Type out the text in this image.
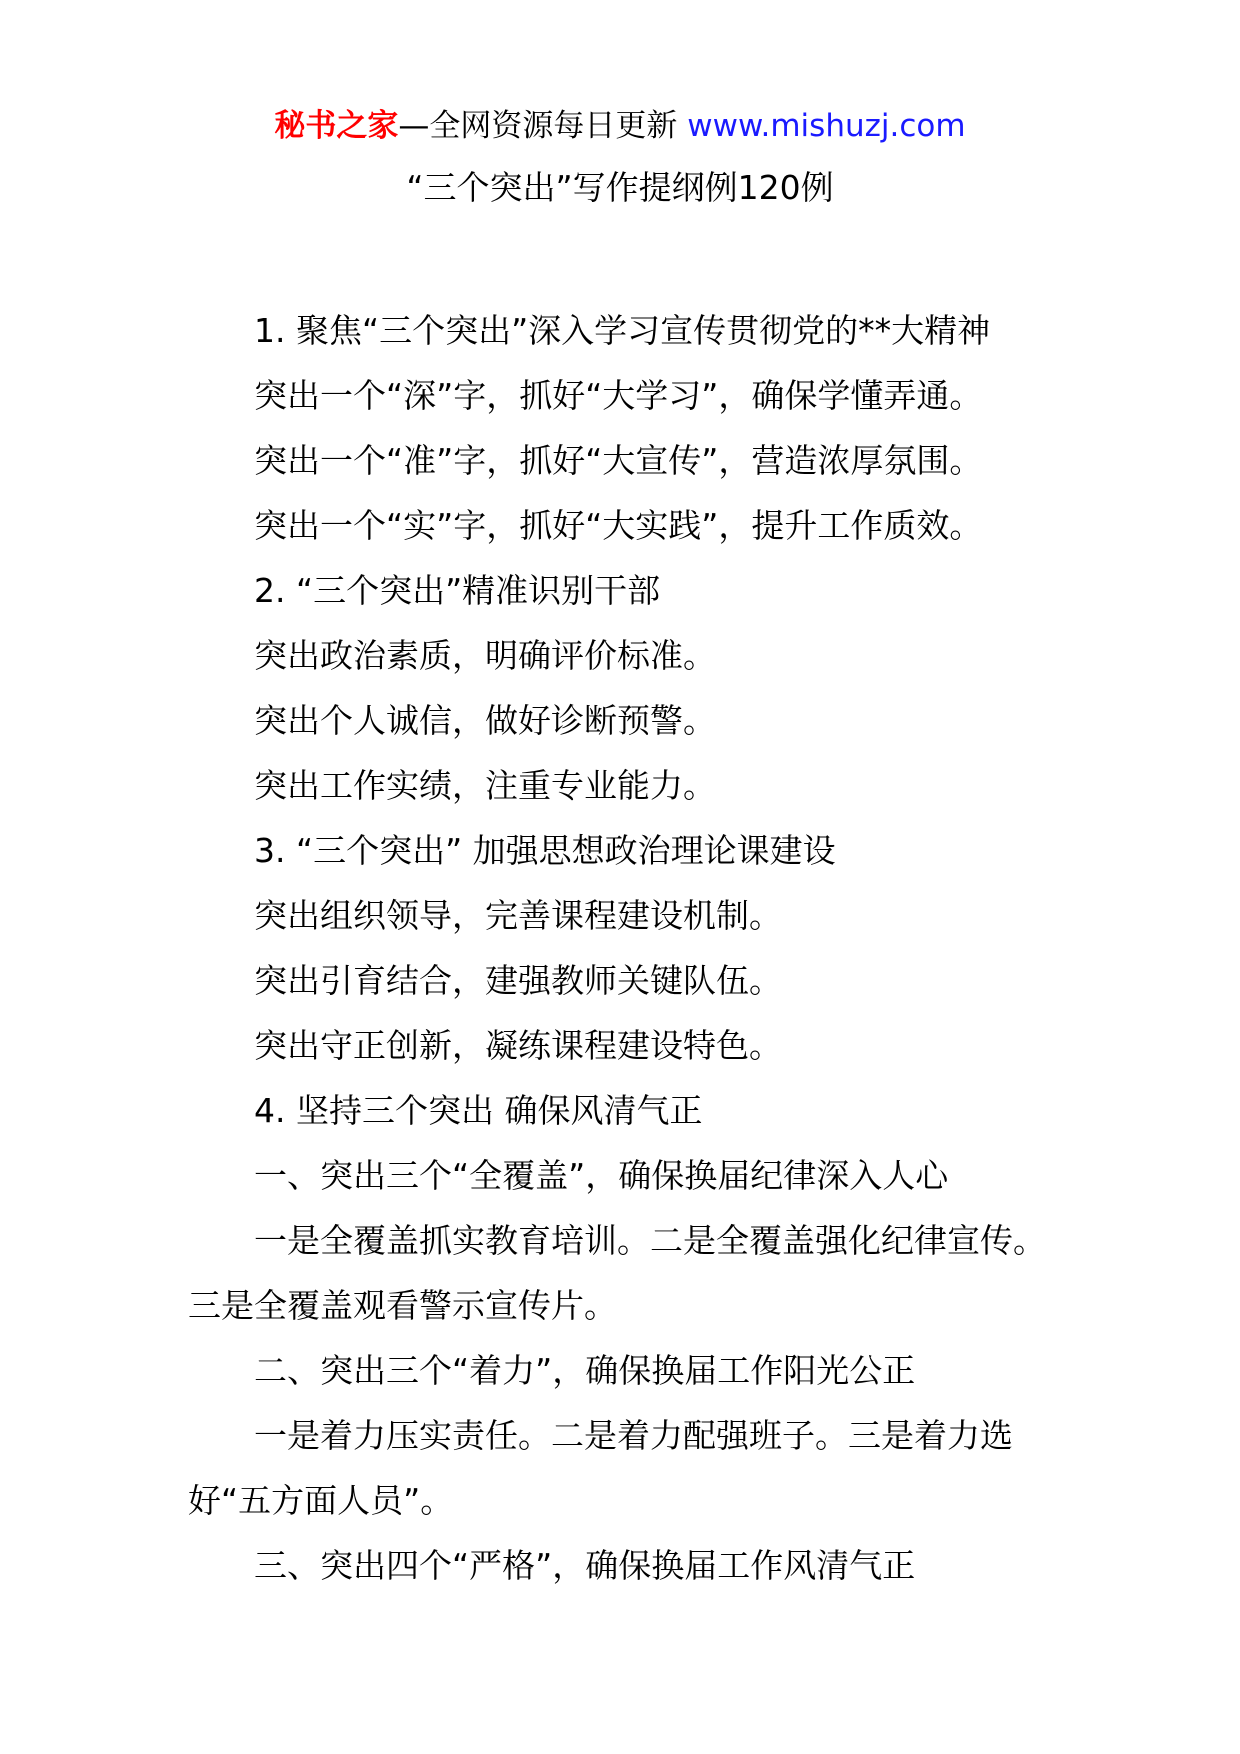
秘书之家—全网资源每日更新 www.mishuzj.com
“三个突出”写作提纲例120例

1. 聚焦“三个突出”深入学习宣传贯彻党的**大精神

突出一个“深”字，抓好“大学习”，确保学懂弄通。

突出一个“准”字，抓好“大宣传”，营造浓厚氛围。

突出一个“实”字，抓好“大实践”，提升工作质效。

2. “三个突出”精准识别干部

突出政治素质，明确评价标准。

突出个人诚信，做好诊断预警。

突出工作实绩，注重专业能力。

3. “三个突出” 加强思想政治理论课建设

突出组织领导，完善课程建设机制。

突出引育结合，建强教师关键队伍。

突出守正创新，凝练课程建设特色。

4. 坚持三个突出 确保风清气正

一、突出三个“全覆盖”，确保换届纪律深入人心

一是全覆盖抓实教育培训。二是全覆盖强化纪律宣传。三是全覆盖观看警示宣传片。

二、突出三个“着力”，确保换届工作阳光公正

一是着力压实责任。二是着力配强班子。三是着力选好“五方面人员”。

三、突出四个“严格”，确保换届工作风清气正
